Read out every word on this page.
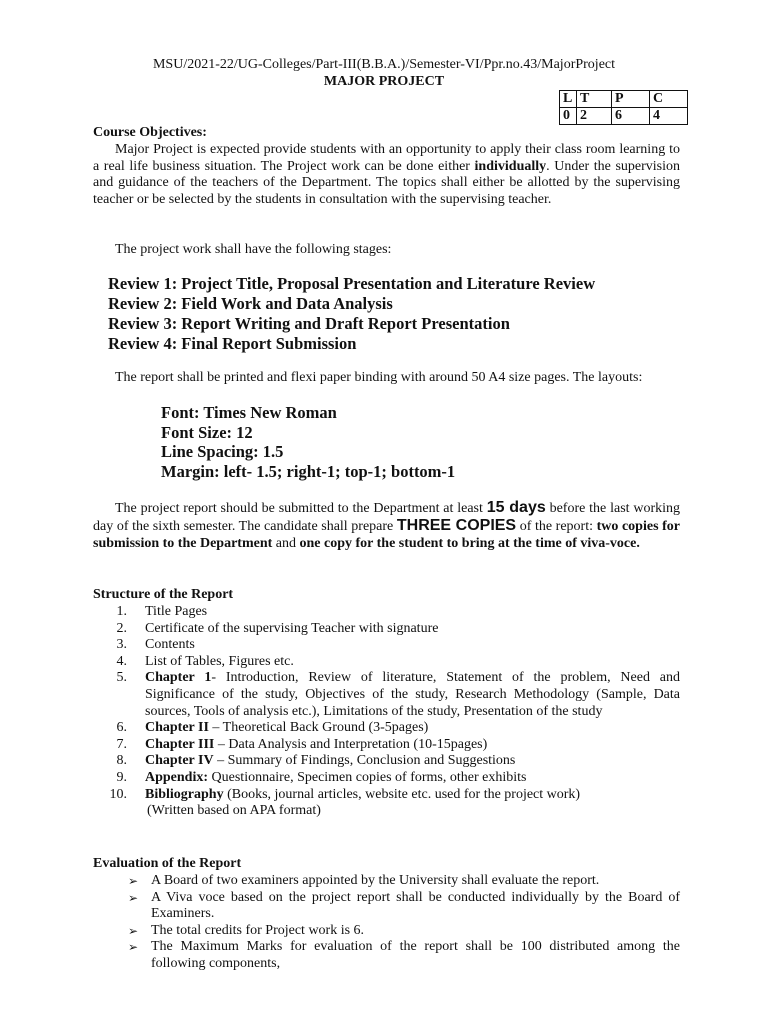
MSU/2021-22/UG-Colleges/Part-III(B.B.A.)/Semester-VI/Ppr.no.43/MajorProject
MAJOR PROJECT
L	T	P	C
0	2	6	4
Course Objectives:
Major Project is expected provide students with an opportunity to apply their class room learning to a real life business situation. The Project work can be done either individually. Under the supervision and guidance of the teachers of the Department. The topics shall either be allotted by the supervising teacher or be selected by the students in consultation with the supervising teacher.
The project work shall have the following stages:
Review 1: Project Title, Proposal Presentation and Literature Review
Review 2: Field Work and Data Analysis
Review 3: Report Writing and Draft Report Presentation
Review 4: Final Report Submission
The report shall be printed and flexi paper binding with around 50 A4 size pages. The layouts:
Font: Times New Roman
Font Size: 12
Line Spacing: 1.5
Margin: left- 1.5; right-1; top-1; bottom-1
The project report should be submitted to the Department at least 15 days before the last working day of the sixth semester. The candidate shall prepare THREE COPIES of the report: two copies for submission to the Department and one copy for the student to bring at the time of viva-voce.
Structure of the Report
1. Title Pages
2. Certificate of the supervising Teacher with signature
3. Contents
4. List of Tables, Figures etc.
5. Chapter 1- Introduction, Review of literature, Statement of the problem, Need and Significance of the study, Objectives of the study, Research Methodology (Sample, Data sources, Tools of analysis etc.), Limitations of the study, Presentation of the study
6. Chapter II – Theoretical Back Ground (3-5pages)
7. Chapter III – Data Analysis and Interpretation (10-15pages)
8. Chapter IV – Summary of Findings, Conclusion and Suggestions
9. Appendix: Questionnaire, Specimen copies of forms, other exhibits
10. Bibliography (Books, journal articles, website etc. used for the project work)
(Written based on APA format)
Evaluation of the Report
➢ A Board of two examiners appointed by the University shall evaluate the report.
➢ A Viva voce based on the project report shall be conducted individually by the Board of Examiners.
➢ The total credits for Project work is 6.
➢ The Maximum Marks for evaluation of the report shall be 100 distributed among the following components,
